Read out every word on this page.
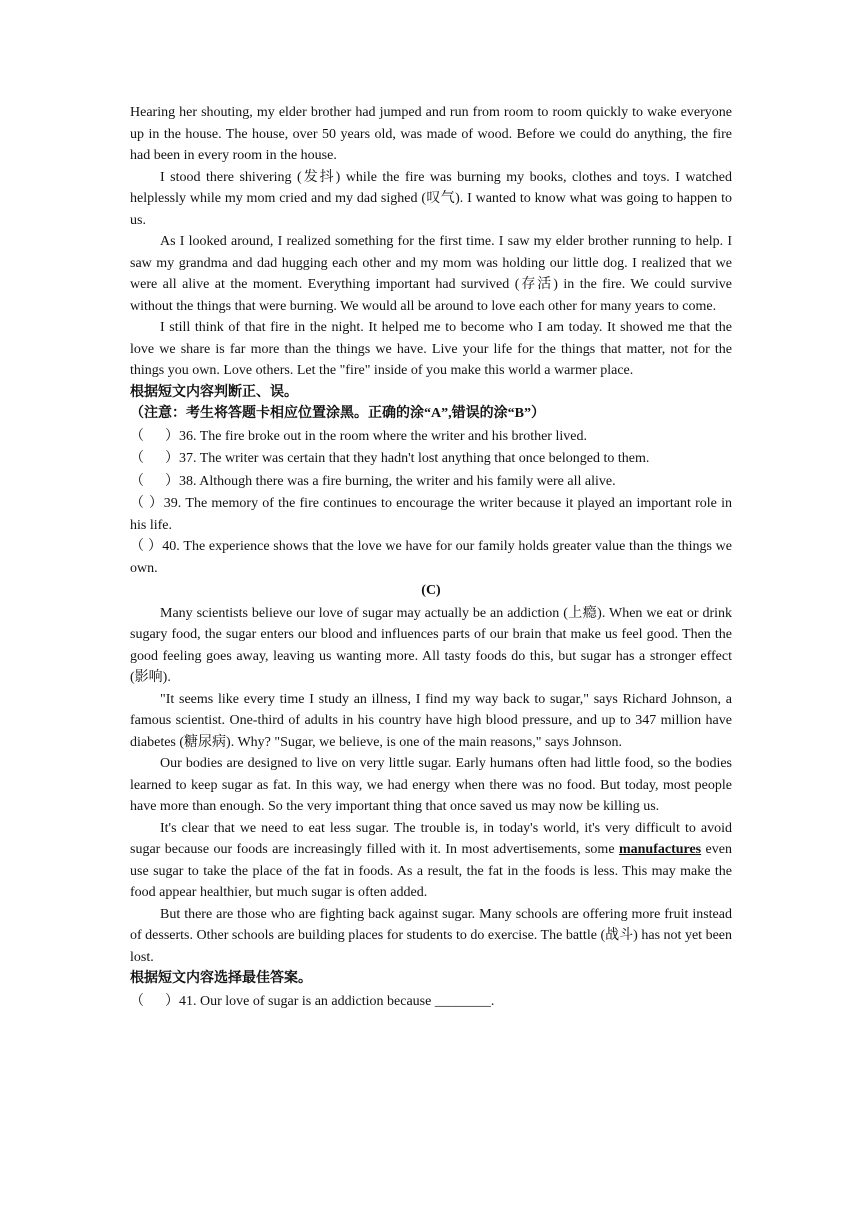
Hearing her shouting, my elder brother had jumped and run from room to room quickly to wake everyone up in the house. The house, over 50 years old, was made of wood. Before we could do anything, the fire had been in every room in the house.

I stood there shivering (发抖) while the fire was burning my books, clothes and toys. I watched helplessly while my mom cried and my dad sighed (叹气). I wanted to know what was going to happen to us.

As I looked around, I realized something for the first time. I saw my elder brother running to help. I saw my grandma and dad hugging each other and my mom was holding our little dog. I realized that we were all alive at the moment. Everything important had survived (存活) in the fire. We could survive without the things that were burning. We would all be around to love each other for many years to come.

I still think of that fire in the night. It helped me to become who I am today. It showed me that the love we share is far more than the things we have. Live your life for the things that matter, not for the things you own. Love others. Let the "fire" inside of you make this world a warmer place.

根据短文内容判断正、误。

（注意：考生将答题卡相应位置涂黑。正确的涂“A”,错误的涂“B”）

（      ） 36. The fire broke out in the room where the writer and his brother lived.
（      ） 37. The writer was certain that they hadn't lost anything that once belonged to them.
（      ） 38. Although there was a fire burning, the writer and his family were all alive.

（ ）39. The memory of the fire continues to encourage the writer because it played an important role in his life.

（ ）40. The experience shows that the love we have for our family holds greater value than the things we own.

(C)

Many scientists believe our love of sugar may actually be an addiction (上瘾). When we eat or drink sugary food, the sugar enters our blood and influences parts of our brain that make us feel good. Then the good feeling goes away, leaving us wanting more. All tasty foods do this, but sugar has a stronger effect (影响).

"It seems like every time I study an illness, I find my way back to sugar," says Richard Johnson, a famous scientist. One-third of adults in his country have high blood pressure, and up to 347 million have diabetes (糖尿病). Why? "Sugar, we believe, is one of the main reasons," says Johnson.

Our bodies are designed to live on very little sugar. Early humans often had little food, so the bodies learned to keep sugar as fat. In this way, we had energy when there was no food. But today, most people have more than enough. So the very important thing that once saved us may now be killing us.

It's clear that we need to eat less sugar. The trouble is, in today's world, it's very difficult to avoid sugar because our foods are increasingly filled with it. In most advertisements, some manufactures even use sugar to take the place of the fat in foods. As a result, the fat in the foods is less. This may make the food appear healthier, but much sugar is often added.

But there are those who are fighting back against sugar. Many schools are offering more fruit instead of desserts. Other schools are building places for students to do exercise. The battle (战斗) has not yet been lost.

根据短文内容选择最佳答案。

（      ） 41. Our love of sugar is an addiction because ________.
